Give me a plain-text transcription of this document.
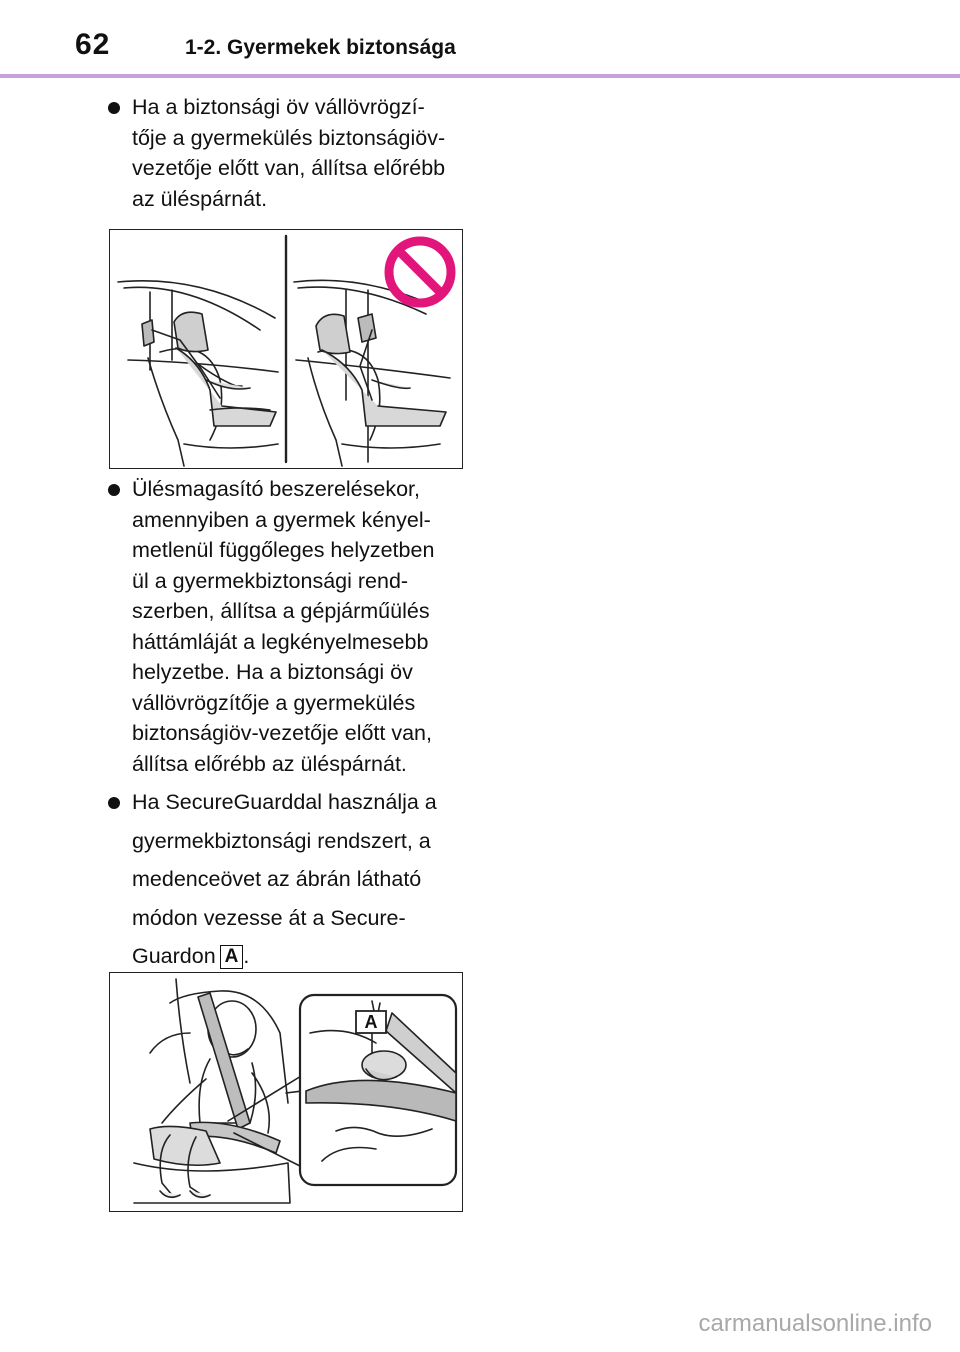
62	1-2. Gyermekek biztonsága
Ha a biztonsági öv vállövrögzí-
tője a gyermekülés biztonságiöv-
vezetője előtt van, állítsa előrébb
az üléspárnát.
Ülésmagasító beszerelésekor,
amennyiben a gyermek kényel-
metlenül függőleges helyzetben
ül a gyermekbiztonsági rend-
szerben, állítsa a gépjárműülés
háttámláját a legkényelmesebb
helyzetbe. Ha a biztonsági öv
vállövrögzítője a gyermekülés
biztonságiöv-vezetője előtt van,
állítsa előrébb az üléspárnát.
Ha SecureGuarddal használja a
gyermekbiztonsági rendszert, a
medenceövet az ábrán látható
módon vezesse át a Secure-
Guardon A .
A
carmanualsonline.info
